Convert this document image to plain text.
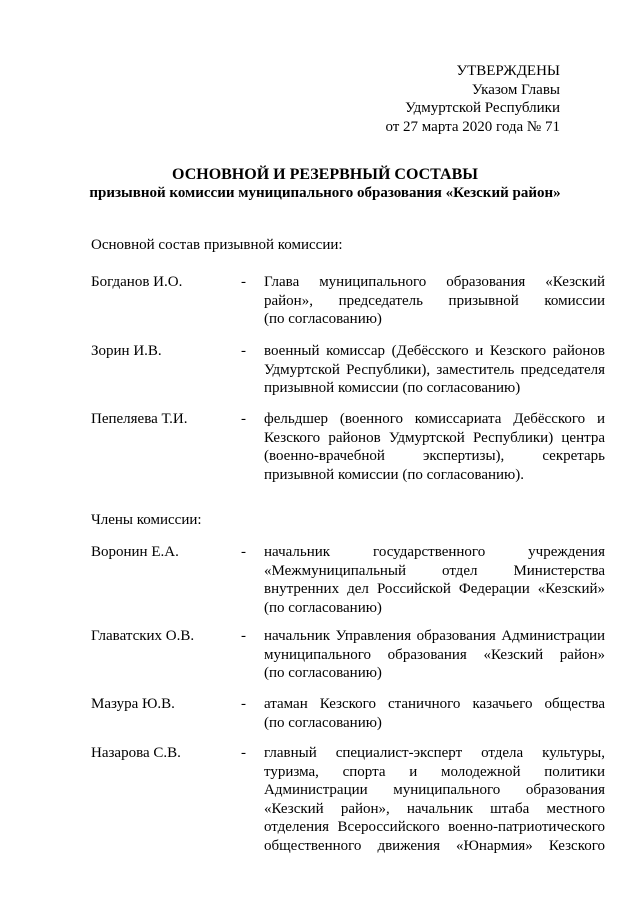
УТВЕРЖДЕНЫ
Указом Главы
Удмуртской Республики
от 27 марта 2020 года № 71
ОСНОВНОЙ И РЕЗЕРВНЫЙ СОСТАВЫ
призывной комиссии муниципального образования «Кезский район»
Основной состав призывной комиссии:
Богданов И.О.	- Глава муниципального образования «Кезский
район», председатель призывной комиссии
(по согласованию)
Зорин И.В.	- военный комиссар (Дебёсского и Кезского районов
Удмуртской Республики), заместитель председателя
призывной комиссии (по согласованию)
Пепеляева Т.И.	- фельдшер (военного комиссариата Дебёсского и
Кезского районов Удмуртской Республики) центра
(военно-врачебной экспертизы), секретарь
призывной комиссии (по согласованию).
Члены комиссии:
Воронин Е.А.	- начальник государственного учреждения
«Межмуниципальный отдел Министерства
внутренних дел Российской Федерации «Кезский»
(по согласованию)
Главатских О.В.	- начальник Управления образования Администрации
муниципального образования «Кезский район»
(по согласованию)
Мазура Ю.В.	- атаман Кезского станичного казачьего общества
(по согласованию)
Назарова С.В.	- главный специалист-эксперт отдела культуры,
туризма, спорта и молодежной политики
Администрации муниципального образования
«Кезский район», начальник штаба местного
отделения Всероссийского военно-патриотического
общественного движения «Юнармия» Кезского
